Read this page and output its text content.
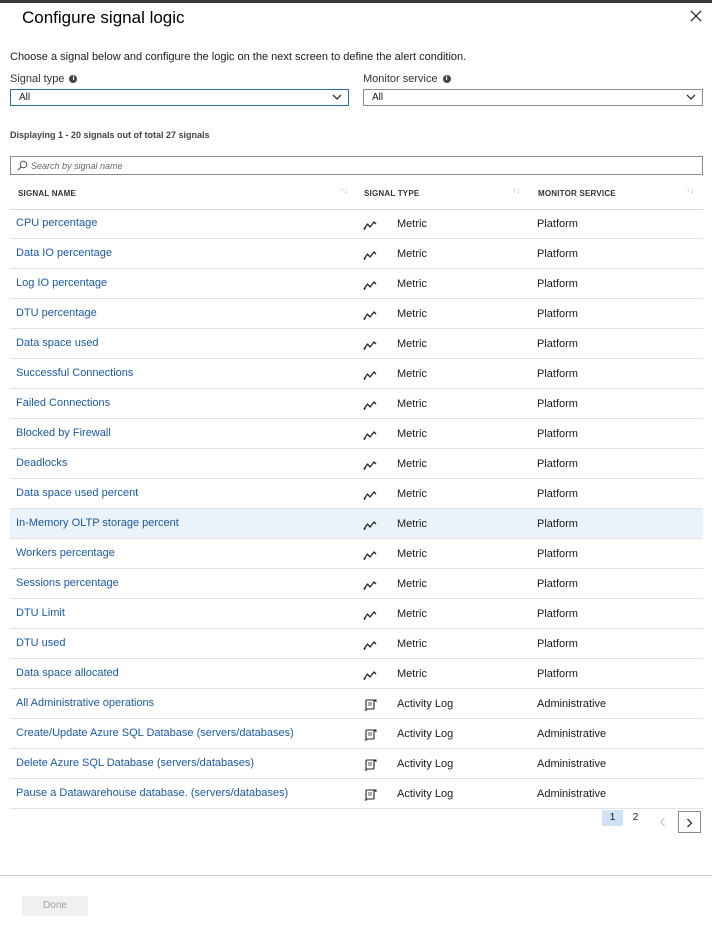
Configure signal logic
Choose a signal below and configure the logic on the next screen to define the alert condition.
Signal type	i
All
Monitor service	i
All
Displaying 1 - 20 signals out of total 27 signals
Search by signal name
SIGNAL NAME	↑↓ SIGNAL TYPE	↑↓ MONITOR SERVICE	↑↓
CPU percentage	Metric	Platform
Data IO percentage	Metric	Platform
Log IO percentage	Metric	Platform
DTU percentage	Metric	Platform
Data space used	Metric	Platform
Successful Connections	Metric	Platform
Failed Connections	Metric	Platform
Blocked by Firewall	Metric	Platform
Deadlocks	Metric	Platform
Data space used percent	Metric	Platform
In-Memory OLTP storage percent	Metric	Platform
Workers percentage	Metric	Platform
Sessions percentage	Metric	Platform
DTU Limit	Metric	Platform
DTU used	Metric	Platform
Data space allocated	Metric	Platform
All Administrative operations	Activity Log	Administrative
Create/Update Azure SQL Database (servers/databases)	Activity Log	Administrative
Delete Azure SQL Database (servers/databases)	Activity Log	Administrative
Pause a Datawarehouse database. (servers/databases)	Activity Log	Administrative
1	2
Done
